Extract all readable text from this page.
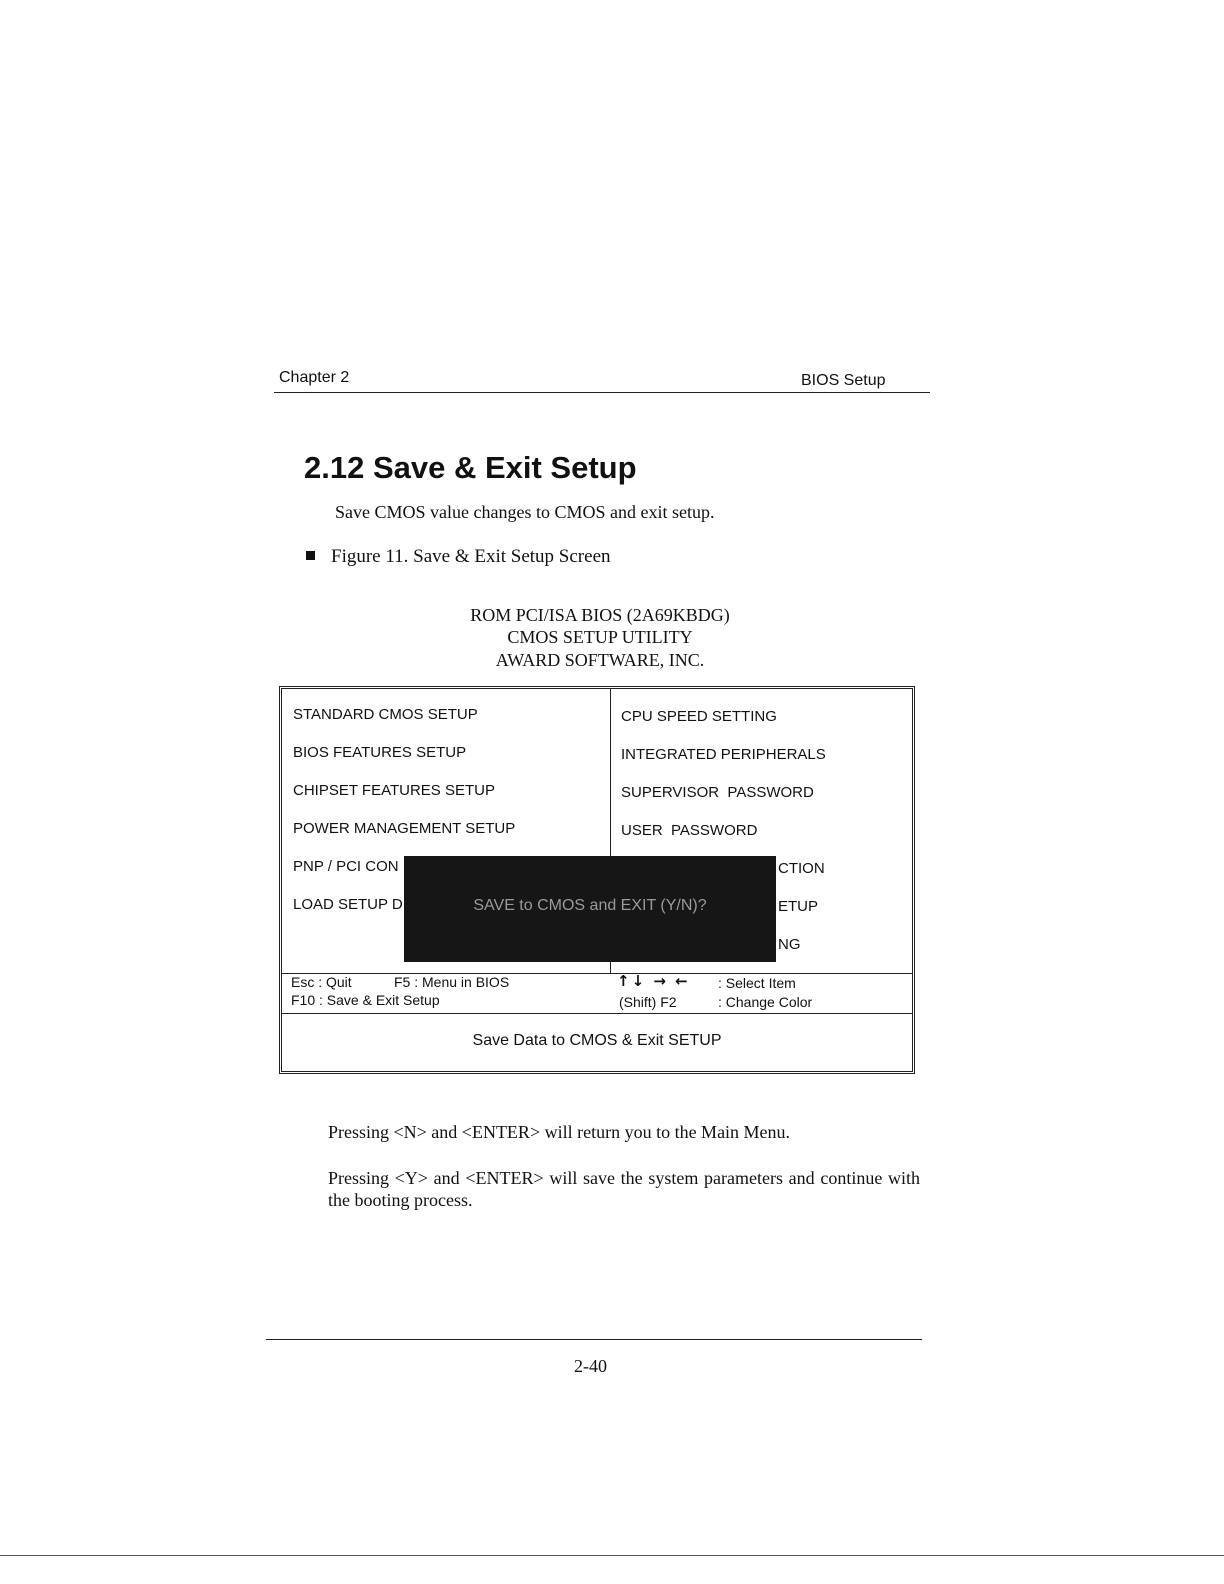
Chapter 2	BIOS Setup
2.12 Save & Exit Setup
Save CMOS value changes to CMOS and exit setup.
Figure 11. Save & Exit Setup Screen
ROM PCI/ISA BIOS (2A69KBDG)
CMOS SETUP UTILITY
AWARD SOFTWARE, INC.
STANDARD CMOS SETUP
BIOS FEATURES SETUP
CHIPSET FEATURES SETUP
POWER MANAGEMENT SETUP
PNP / PCI CON
LOAD SETUP D
CPU SPEED SETTING
INTEGRATED PERIPHERALS
SUPERVISOR  PASSWORD
USER  PASSWORD
CTION
ETUP
NG
SAVE to CMOS and EXIT (Y/N)?
Esc : Quit	F5 : Menu in BIOS
F10 : Save & Exit Setup
↑↓ → ← : Select Item
(Shift) F2	: Change Color
Save Data to CMOS & Exit SETUP
Pressing <N> and <ENTER> will return you to the Main Menu.
Pressing <Y> and <ENTER> will save the system parameters and continue with the booting process.
2-40
